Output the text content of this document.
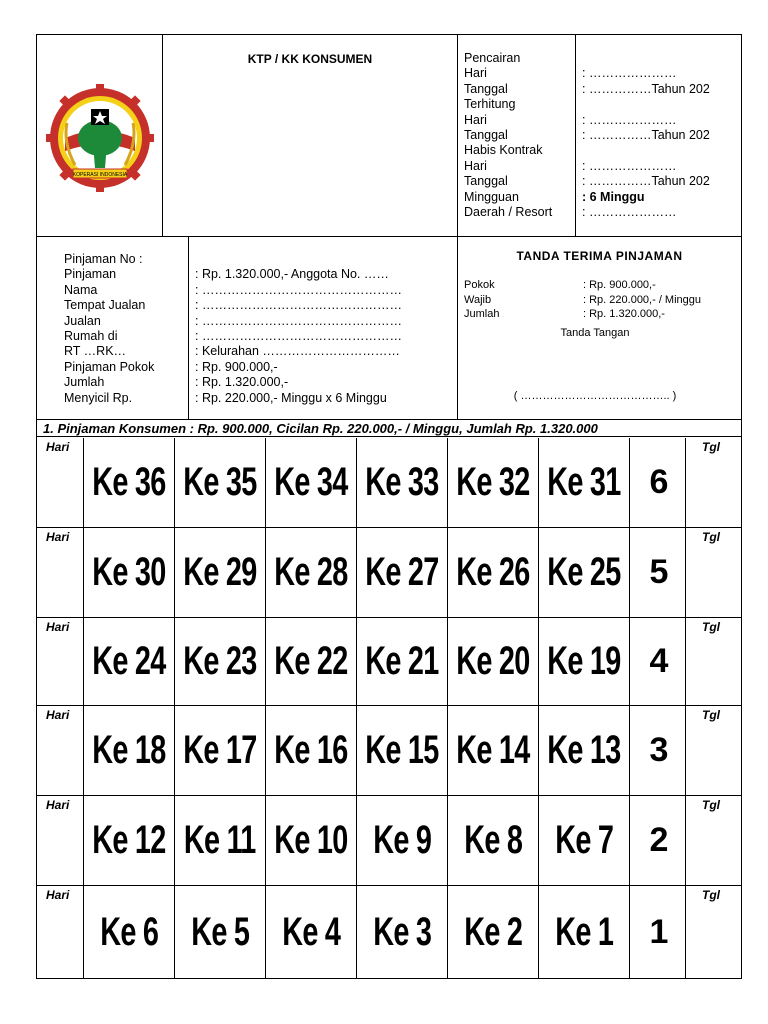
KOPERASI INDONESIA
KTP / KK KONSUMEN	Pencairan
Hari
Tanggal
Terhitung
Hari
Tanggal
Habis Kontrak
Hari
Tanggal
Mingguan
Daerah / Resort
: …………………
: ……………Tahun 202
: …………………
: ……………Tahun 202
: …………………
: ……………Tahun 202
: 6 Minggu
: …………………
Pinjaman No :
Pinjaman
Nama
Tempat Jualan
Jualan
Rumah di
RT …RK…
Pinjaman Pokok
Jumlah
Menyicil Rp.
: Rp. 1.320.000,- Anggota No. ……
: …………………………………………
: …………………………………………
: …………………………………………
: …………………………………………
: Kelurahan ……………………………
: Rp. 900.000,-
: Rp. 1.320.000,-
: Rp. 220.000,- Minggu x 6 Minggu
TANDA TERIMA PINJAMAN
Pokok
Wajib
Jumlah
: Rp. 900.000,-
: Rp. 220.000,- / Minggu
: Rp. 1.320.000,-
Tanda Tangan
( ………………………………….. )
1. Pinjaman Konsumen : Rp. 900.000, Cicilan Rp. 220.000,- / Minggu, Jumlah Rp. 1.320.000
Hari
Ke 36 Ke 35 Ke 34 Ke 33 Ke 32 Ke 31 6
Tgl
Hari
Ke 30 Ke 29 Ke 28 Ke 27 Ke 26 Ke 25 5
Tgl
Hari
Ke 24 Ke 23 Ke 22 Ke 21 Ke 20 Ke 19 4
Tgl
Hari
Ke 18 Ke 17 Ke 16 Ke 15 Ke 14 Ke 13 3
Tgl
Hari
Ke 12 Ke 11 Ke 10 Ke 9 Ke 8 Ke 7 2
Tgl
Hari
Ke 6 Ke 5 Ke 4 Ke 3 Ke 2 Ke 1 1
Tgl
